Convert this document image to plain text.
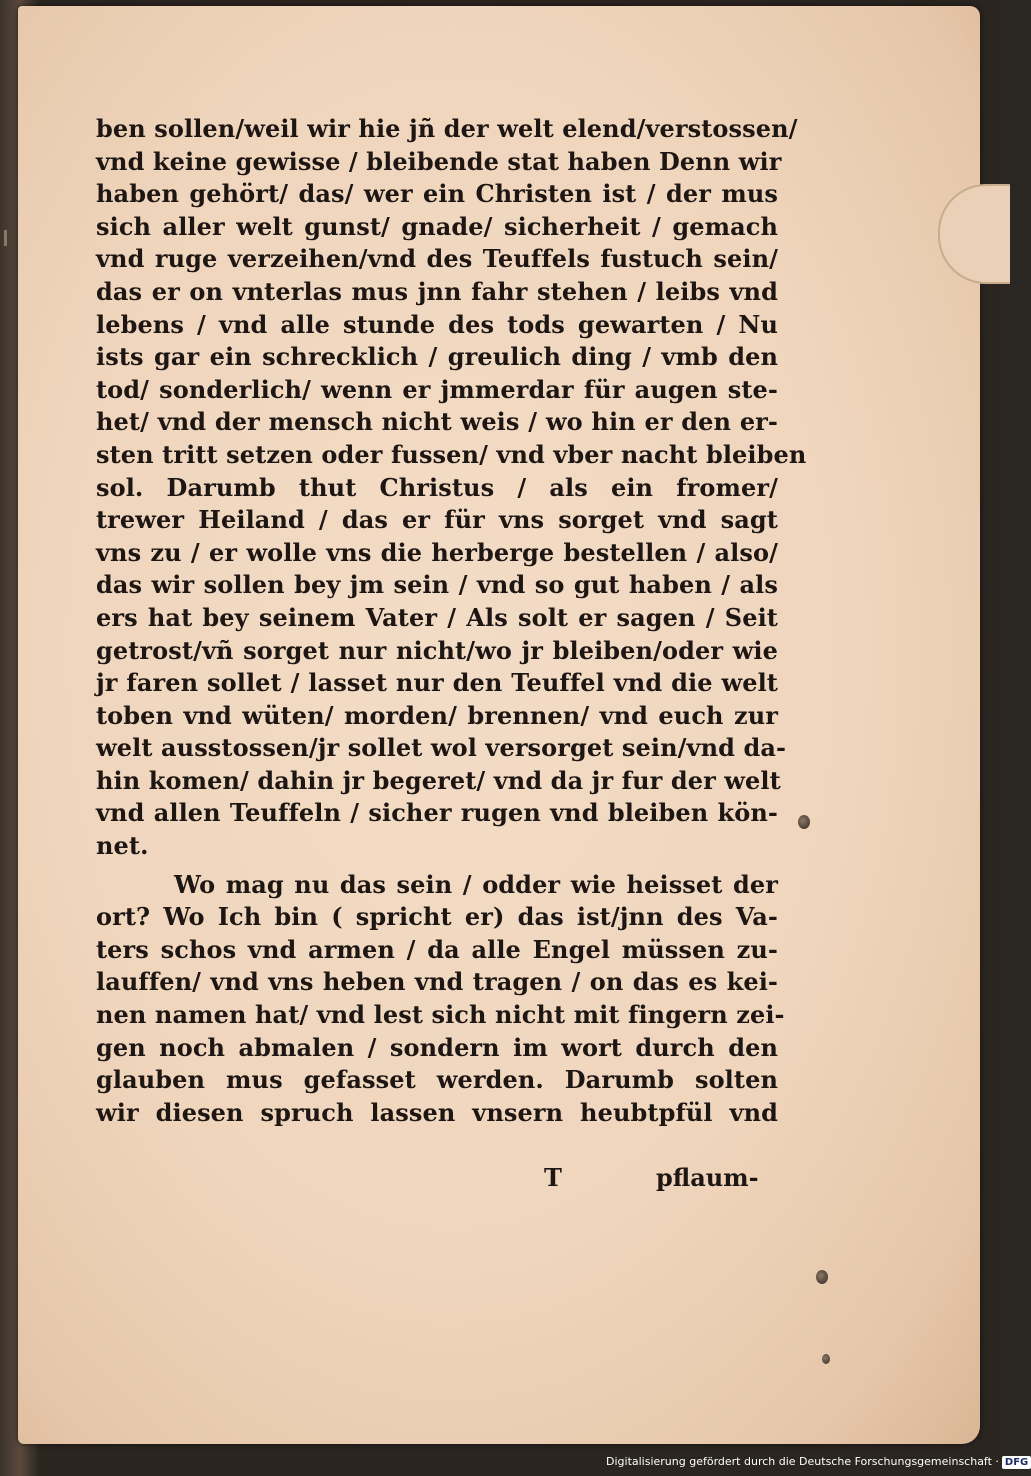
ben sollen/weil wir hie jñ der welt elend/verstossen/
vnd keine gewisse / bleibende stat haben Denn wir
haben gehört/ das/ wer ein Christen ist / der mus
sich aller welt gunst/ gnade/ sicherheit / gemach
vnd ruge verzeihen/vnd des Teuffels fustuch sein/
das er on vnterlas mus jnn fahr stehen / leibs vnd
lebens / vnd alle stunde des tods gewarten / Nu
ists gar ein schrecklich / greulich ding / vmb den
tod/ sonderlich/ wenn er jmmerdar für augen ste-
het/ vnd der mensch nicht weis / wo hin er den er-
sten tritt setzen oder fussen/ vnd vber nacht bleiben
sol. Darumb thut Christus / als ein fromer/
trewer Heiland / das er für vns sorget vnd sagt
vns zu / er wolle vns die herberge bestellen / also/
das wir sollen bey jm sein / vnd so gut haben / als
ers hat bey seinem Vater / Als solt er sagen / Seit
getrost/vñ sorget nur nicht/wo jr bleiben/oder wie
jr faren sollet / lasset nur den Teuffel vnd die welt
toben vnd wüten/ morden/ brennen/ vnd euch zur
welt ausstossen/jr sollet wol versorget sein/vnd da-
hin komen/ dahin jr begeret/ vnd da jr fur der welt
vnd allen Teuffeln / sicher rugen vnd bleiben kön-
net.
Wo mag nu das sein / odder wie heisset der
ort? Wo Ich bin ( spricht er) das ist/jnn des Va-
ters schos vnd armen / da alle Engel müssen zu-
lauffen/ vnd vns heben vnd tragen / on das es kei-
nen namen hat/ vnd lest sich nicht mit fingern zei-
gen noch abmalen / sondern im wort durch den
glauben mus gefasset werden. Darumb solten
wir diesen spruch lassen vnsern heubtpfül vnd
T	pflaum-
Digitalisierung gefördert durch die Deutsche Forschungsgemeinschaft · DFG
